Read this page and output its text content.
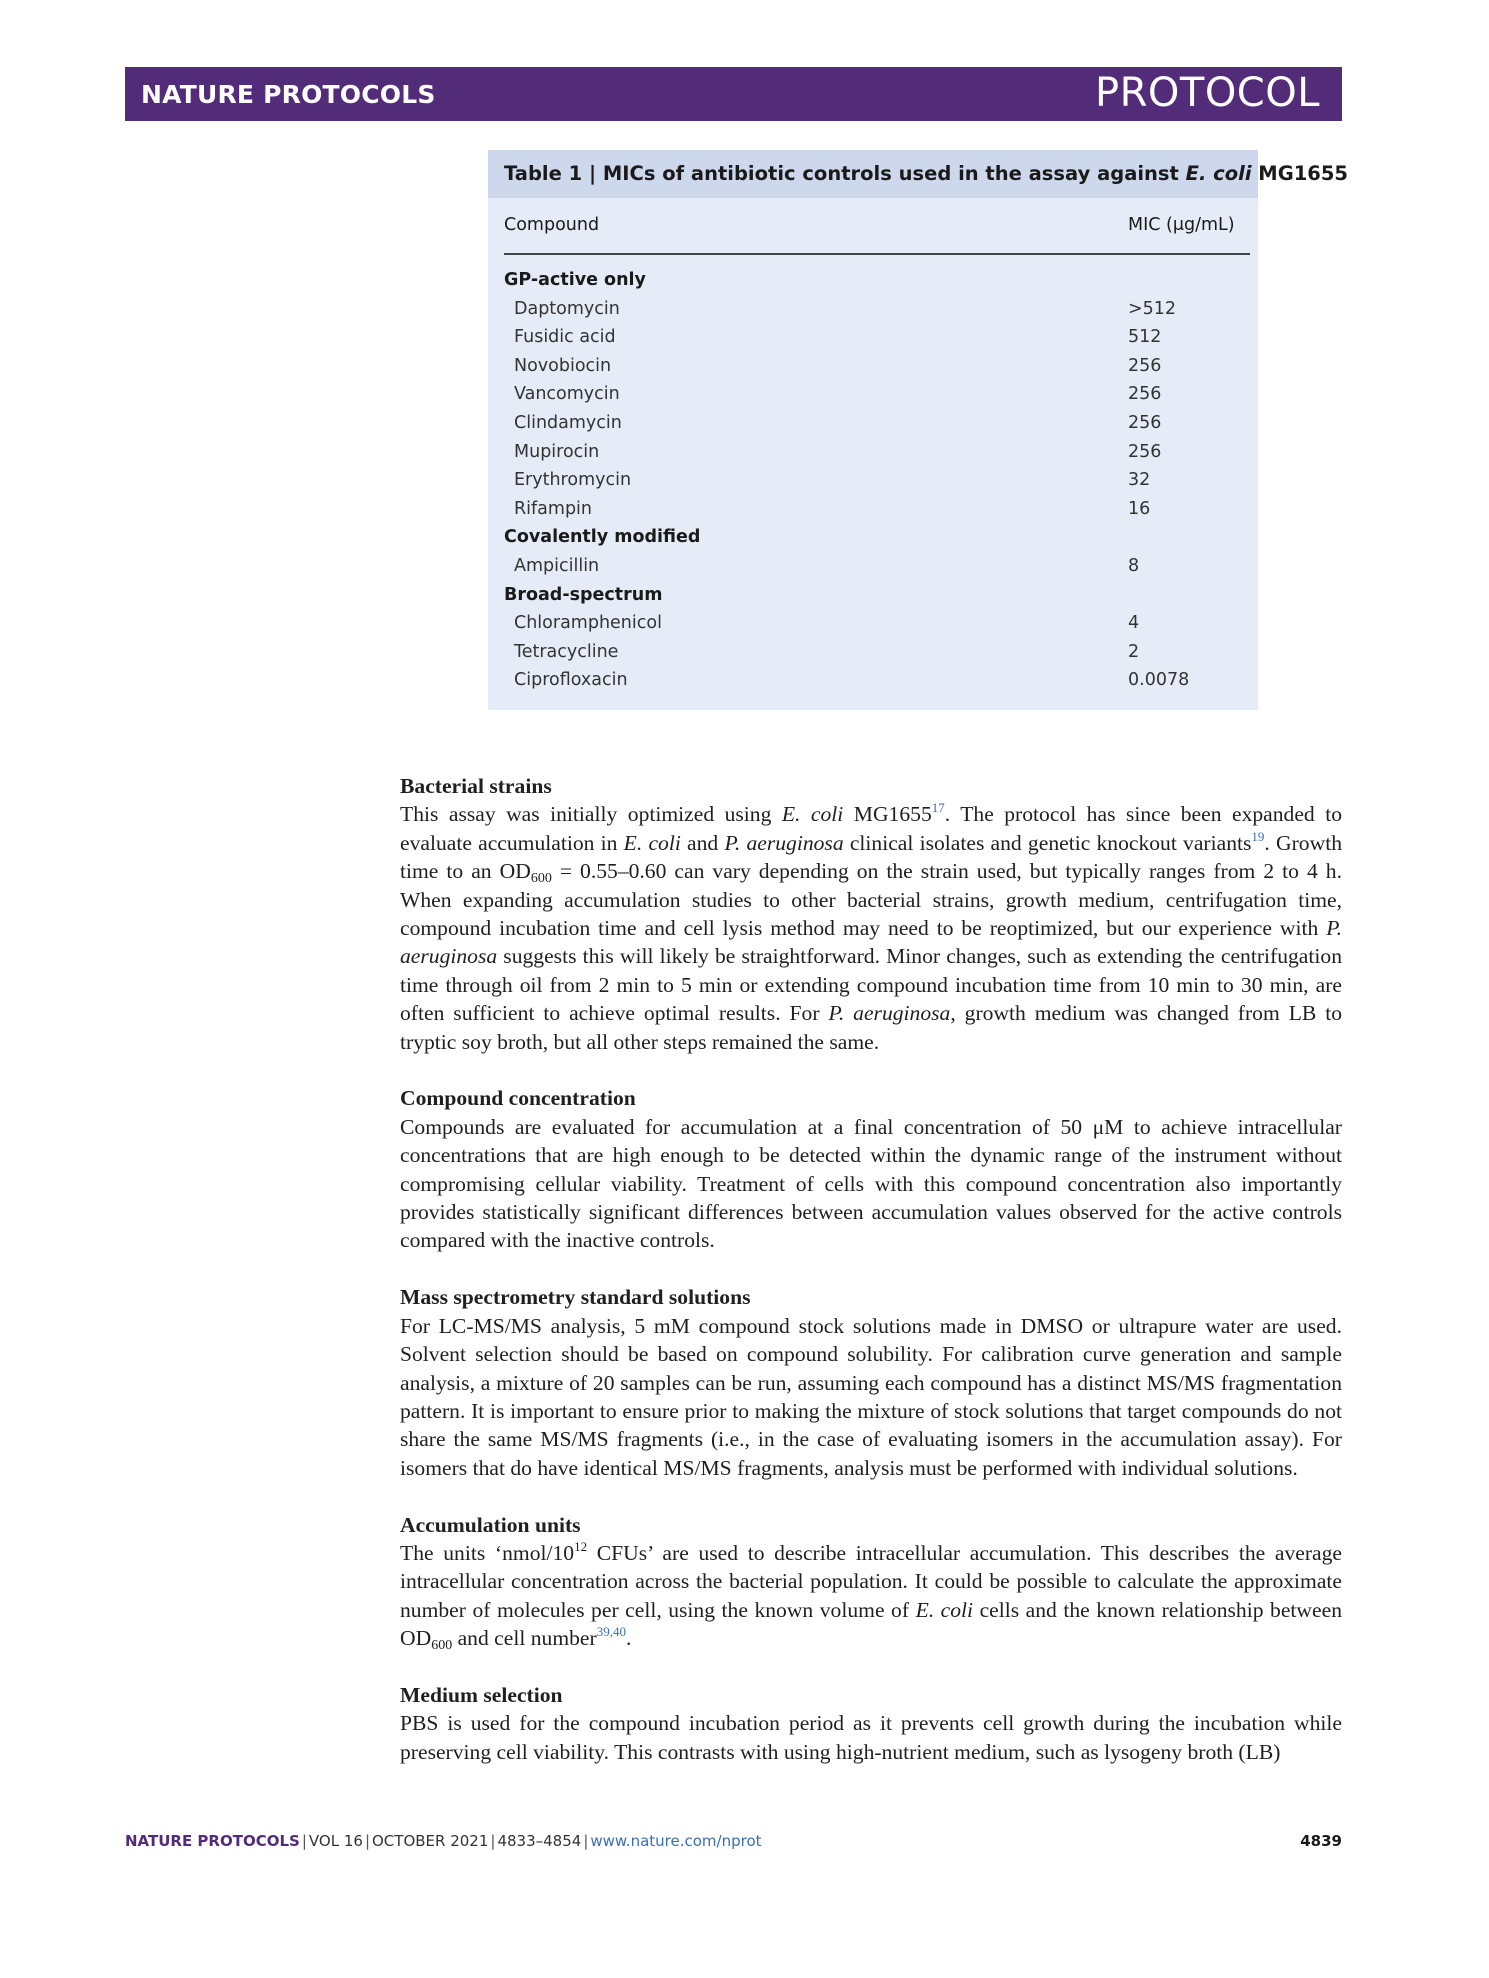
NATURE PROTOCOLS	PROTOCOL
Table 1 | MICs of antibiotic controls used in the assay against E. coli MG1655
Compound	MIC (μg/mL)
GP-active only
Daptomycin	>512
Fusidic acid	512
Novobiocin	256
Vancomycin	256
Clindamycin	256
Mupirocin	256
Erythromycin	32
Rifampin	16
Covalently modified
Ampicillin	8
Broad-spectrum
Chloramphenicol	4
Tetracycline	2
Ciprofloxacin	0.0078
Bacterial strains

This assay was initially optimized using E. coli MG1655$^{17}$. The protocol has since been expanded to evaluate accumulation in E. coli and P. aeruginosa clinical isolates and genetic knockout variants$^{19}$. Growth time to an $OD_{600} = 0.55-0.60$ can vary depending on the strain used, but typically ranges from 2 to 4 h. When expanding accumulation studies to other bacterial strains, growth medium, centrifugation time, compound incubation time and cell lysis method may need to be reoptimized, but our experience with P. aeruginosa suggests this will likely be straightforward. Minor changes, such as extending the centrifugation time through oil from 2 min to 5 min or extending compound incubation time from 10 min to 30 min, are often sufficient to achieve optimal results. For P. aeruginosa, growth medium was changed from LB to tryptic soy broth, but all other steps remained the same.

Compound concentration

Compounds are evaluated for accumulation at a final concentration of 50 μM to achieve intracellular concentrations that are high enough to be detected within the dynamic range of the instrument without compromising cellular viability. Treatment of cells with this compound concentration also importantly provides statistically significant differences between accumulation values observed for the active controls compared with the inactive controls.

Mass spectrometry standard solutions

For LC-MS/MS analysis, 5 mM compound stock solutions made in DMSO or ultrapure water are used. Solvent selection should be based on compound solubility. For calibration curve generation and sample analysis, a mixture of 20 samples can be run, assuming each compound has a distinct MS/MS fragmentation pattern. It is important to ensure prior to making the mixture of stock solutions that target compounds do not share the same MS/MS fragments (i.e., in the case of evaluating isomers in the accumulation assay). For isomers that do have identical MS/MS fragments, analysis must be performed with individual solutions.

Accumulation units

The units ‘$nmol/10^{12}$ CFUs’ are used to describe intracellular accumulation. This describes the average intracellular concentration across the bacterial population. It could be possible to calculate the approximate number of molecules per cell, using the known volume of E. coli cells and the known relationship between $OD_{600}$ and cell number$^{39,40}$.

Medium selection

PBS is used for the compound incubation period as it prevents cell growth during the incubation while preserving cell viability. This contrasts with using high-nutrient medium, such as lysogeny broth (LB)

NATURE PROTOCOLS | VOL 16 | OCTOBER 2021 | 4833–4854 | www.nature.com/nprot	4839
